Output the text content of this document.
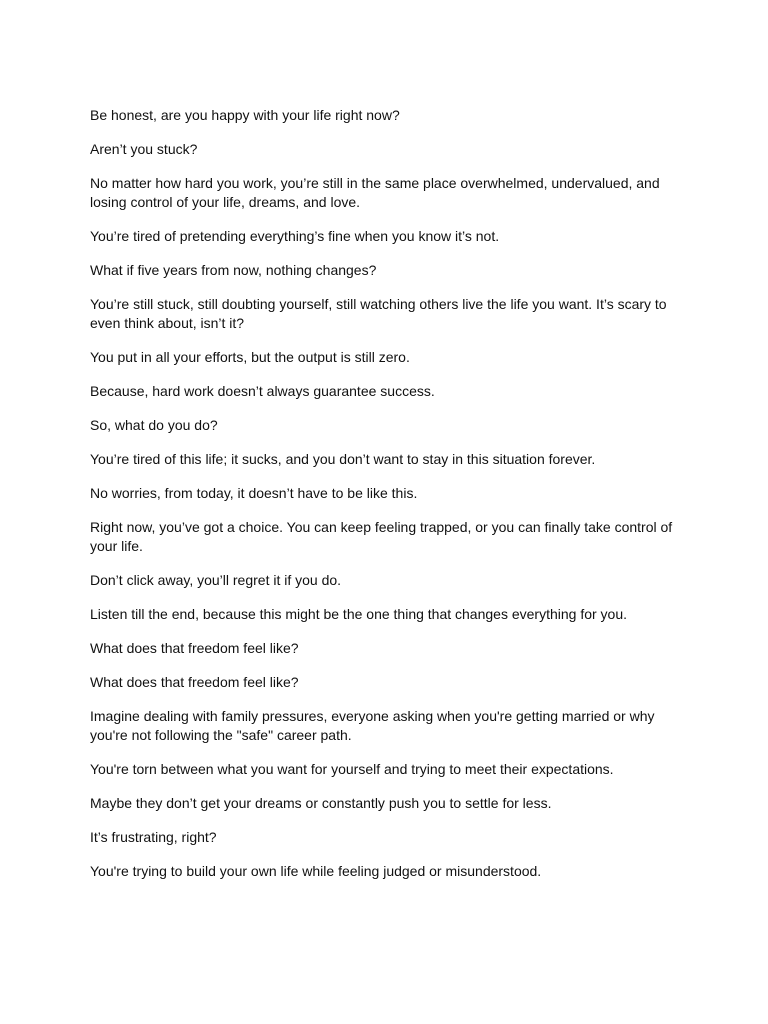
Be honest, are you happy with your life right now?

Aren’t you stuck?

No matter how hard you work, you’re still in the same place overwhelmed, undervalued, and losing control of your life, dreams, and love.

You’re tired of pretending everything’s fine when you know it’s not.

What if five years from now, nothing changes?

You’re still stuck, still doubting yourself, still watching others live the life you want. It’s scary to even think about, isn’t it?

You put in all your efforts, but the output is still zero.

Because, hard work doesn’t always guarantee success.

So, what do you do?

You’re tired of this life; it sucks, and you don’t want to stay in this situation forever.

No worries, from today, it doesn’t have to be like this.

Right now, you’ve got a choice. You can keep feeling trapped, or you can finally take control of your life.

Don’t click away, you’ll regret it if you do.

Listen till the end, because this might be the one thing that changes everything for you.

What does that freedom feel like?

What does that freedom feel like?

Imagine dealing with family pressures, everyone asking when you're getting married or why you're not following the "safe" career path.

You're torn between what you want for yourself and trying to meet their expectations.

Maybe they don’t get your dreams or constantly push you to settle for less.

It’s frustrating, right?

You're trying to build your own life while feeling judged or misunderstood.
